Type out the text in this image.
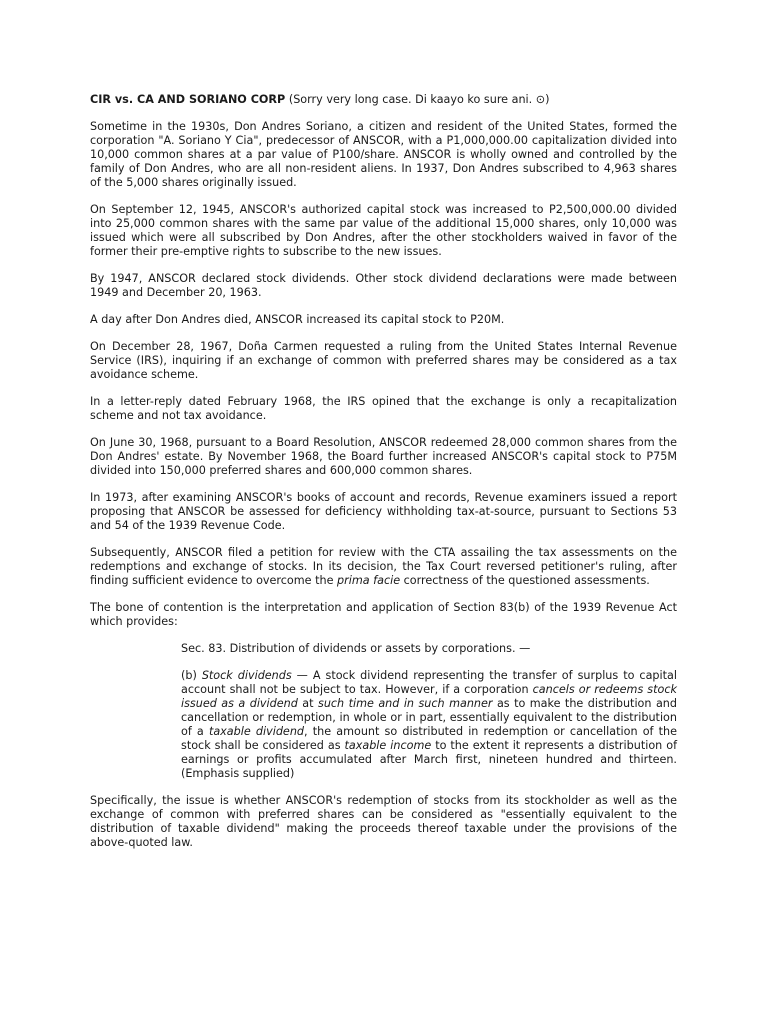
CIR vs. CA AND SORIANO CORP (Sorry very long case. Di kaayo ko sure ani. ⊙)

Sometime in the 1930s, Don Andres Soriano, a citizen and resident of the United States, formed the corporation "A. Soriano Y Cia", predecessor of ANSCOR, with a P1,000,000.00 capitalization divided into 10,000 common shares at a par value of P100/share. ANSCOR is wholly owned and controlled by the family of Don Andres, who are all non-resident aliens. In 1937, Don Andres subscribed to 4,963 shares of the 5,000 shares originally issued.

On September 12, 1945, ANSCOR's authorized capital stock was increased to P2,500,000.00 divided into 25,000 common shares with the same par value of the additional 15,000 shares, only 10,000 was issued which were all subscribed by Don Andres, after the other stockholders waived in favor of the former their pre-emptive rights to subscribe to the new issues.

By 1947, ANSCOR declared stock dividends. Other stock dividend declarations were made between 1949 and December 20, 1963.

A day after Don Andres died, ANSCOR increased its capital stock to P20M.

On December 28, 1967, Doña Carmen requested a ruling from the United States Internal Revenue Service (IRS), inquiring if an exchange of common with preferred shares may be considered as a tax avoidance scheme.

In a letter-reply dated February 1968, the IRS opined that the exchange is only a recapitalization scheme and not tax avoidance.

On June 30, 1968, pursuant to a Board Resolution, ANSCOR redeemed 28,000 common shares from the Don Andres' estate. By November 1968, the Board further increased ANSCOR's capital stock to P75M divided into 150,000 preferred shares and 600,000 common shares.

In 1973, after examining ANSCOR's books of account and records, Revenue examiners issued a report proposing that ANSCOR be assessed for deficiency withholding tax-at-source, pursuant to Sections 53 and 54 of the 1939 Revenue Code.

Subsequently, ANSCOR filed a petition for review with the CTA assailing the tax assessments on the redemptions and exchange of stocks. In its decision, the Tax Court reversed petitioner's ruling, after finding sufficient evidence to overcome the prima facie correctness of the questioned assessments.

The bone of contention is the interpretation and application of Section 83(b) of the 1939 Revenue Act which provides:

Sec. 83. Distribution of dividends or assets by corporations. —

(b) Stock dividends — A stock dividend representing the transfer of surplus to capital account shall not be subject to tax. However, if a corporation cancels or redeems stock issued as a dividend at such time and in such manner as to make the distribution and cancellation or redemption, in whole or in part, essentially equivalent to the distribution of a taxable dividend, the amount so distributed in redemption or cancellation of the stock shall be considered as taxable income to the extent it represents a distribution of earnings or profits accumulated after March first, nineteen hundred and thirteen. (Emphasis supplied)

Specifically, the issue is whether ANSCOR's redemption of stocks from its stockholder as well as the exchange of common with preferred shares can be considered as "essentially equivalent to the distribution of taxable dividend" making the proceeds thereof taxable under the provisions of the above-quoted law.
